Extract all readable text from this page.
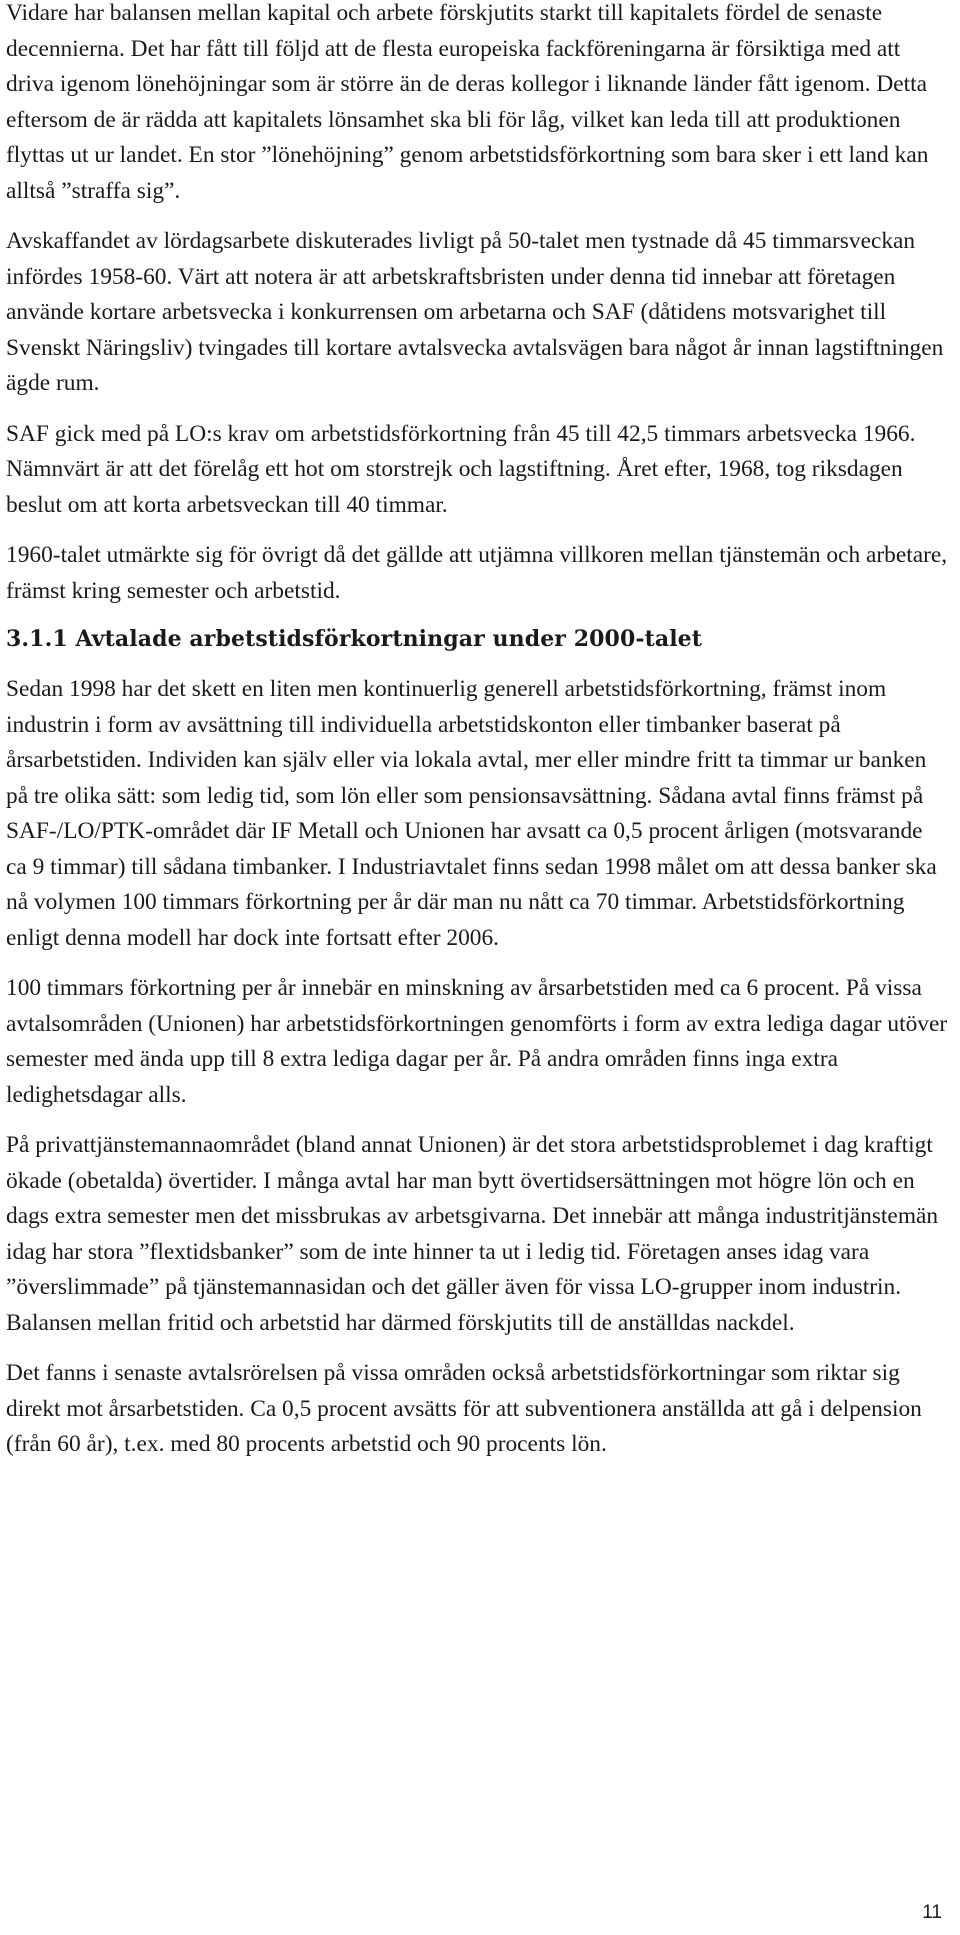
Vidare har balansen mellan kapital och arbete förskjutits starkt till kapitalets fördel de senaste decennierna. Det har fått till följd att de flesta europeiska fackföreningarna är försiktiga med att driva igenom lönehöjningar som är större än de deras kollegor i liknande länder fått igenom. Detta eftersom de är rädda att kapitalets lönsamhet ska bli för låg, vilket kan leda till att produktionen flyttas ut ur landet. En stor ”lönehöjning” genom arbetstidsförkortning som bara sker i ett land kan alltså ”straffa sig”.

Avskaffandet av lördagsarbete diskuterades livligt på 50-talet men tystnade då 45 timmarsveckan infördes 1958-60. Värt att notera är att arbetskraftsbristen under denna tid innebar att företagen använde kortare arbetsvecka i konkurrensen om arbetarna och SAF (dåtidens motsvarighet till Svenskt Näringsliv) tvingades till kortare avtalsvecka avtalsvägen bara något år innan lagstiftningen ägde rum.

SAF gick med på LO:s krav om arbetstidsförkortning från 45 till 42,5 timmars arbetsvecka 1966. Nämnvärt är att det förelåg ett hot om storstrejk och lagstiftning. Året efter, 1968, tog riksdagen beslut om att korta arbetsveckan till 40 timmar.

1960-talet utmärkte sig för övrigt då det gällde att utjämna villkoren mellan tjänstemän och arbetare, främst kring semester och arbetstid.

3.1.1 Avtalade arbetstidsförkortningar under 2000-talet

Sedan 1998 har det skett en liten men kontinuerlig generell arbetstidsförkortning, främst inom industrin i form av avsättning till individuella arbetstidskonton eller timbanker baserat på årsarbetstiden. Individen kan själv eller via lokala avtal, mer eller mindre fritt ta timmar ur banken på tre olika sätt: som ledig tid, som lön eller som pensionsavsättning. Sådana avtal finns främst på SAF-/LO/PTK-området där IF Metall och Unionen har avsatt ca 0,5 procent årligen (motsvarande ca 9 timmar) till sådana timbanker. I Industriavtalet finns sedan 1998 målet om att dessa banker ska nå volymen 100 timmars förkortning per år där man nu nått ca 70 timmar. Arbetstidsförkortning enligt denna modell har dock inte fortsatt efter 2006.

100 timmars förkortning per år innebär en minskning av årsarbetstiden med ca 6 procent. På vissa avtalsområden (Unionen) har arbetstidsförkortningen genomförts i form av extra lediga dagar utöver semester med ända upp till 8 extra lediga dagar per år. På andra områden finns inga extra ledighetsdagar alls.

På privattjänstemannaområdet (bland annat Unionen) är det stora arbetstidsproblemet i dag kraftigt ökade (obetalda) övertider. I många avtal har man bytt övertidsersättningen mot högre lön och en dags extra semester men det missbrukas av arbetsgivarna. Det innebär att många industritjänstemän idag har stora ”flextidsbanker” som de inte hinner ta ut i ledig tid. Företagen anses idag vara ”överslimmade” på tjänstemannasidan och det gäller även för vissa LO-grupper inom industrin. Balansen mellan fritid och arbetstid har därmed förskjutits till de anställdas nackdel.

Det fanns i senaste avtalsrörelsen på vissa områden också arbetstidsförkortningar som riktar sig direkt mot årsarbetstiden. Ca 0,5 procent avsätts för att subventionera anställda att gå i delpension (från 60 år), t.ex. med 80 procents arbetstid och 90 procents lön.

11
